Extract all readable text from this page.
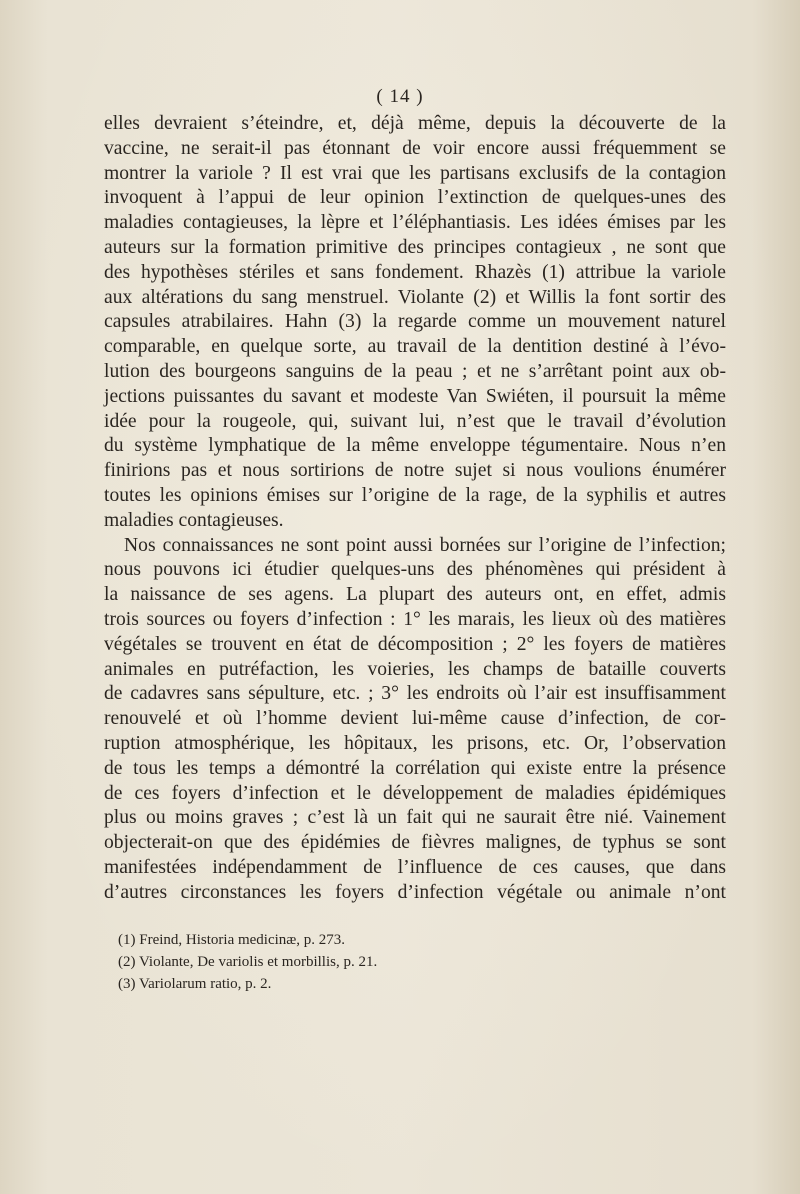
( 14 )
elles devraient s’éteindre, et, déjà même, depuis la découverte de la
vaccine, ne serait-il pas étonnant de voir encore aussi fréquemment se
montrer la variole ? Il est vrai que les partisans exclusifs de la contagion
invoquent à l’appui de leur opinion l’extinction de quelques-unes des
maladies contagieuses, la lèpre et l’éléphantiasis. Les idées émises par les
auteurs sur la formation primitive des principes contagieux , ne sont que
des hypothèses stériles et sans fondement. Rhazès (1) attribue la variole
aux altérations du sang menstruel. Violante (2) et Willis la font sortir des
capsules atrabilaires. Hahn (3) la regarde comme un mouvement naturel
comparable, en quelque sorte, au travail de la dentition destiné à l’évo-
lution des bourgeons sanguins de la peau ; et ne s’arrêtant point aux ob-
jections puissantes du savant et modeste Van Swiéten, il poursuit la même
idée pour la rougeole, qui, suivant lui, n’est que le travail d’évolution
du système lymphatique de la même enveloppe tégumentaire. Nous n’en
finirions pas et nous sortirions de notre sujet si nous voulions énumérer
toutes les opinions émises sur l’origine de la rage, de la syphilis et autres
maladies contagieuses.
Nos connaissances ne sont point aussi bornées sur l’origine de l’infection;
nous pouvons ici étudier quelques-uns des phénomènes qui président à
la naissance de ses agens. La plupart des auteurs ont, en effet, admis
trois sources ou foyers d’infection : 1° les marais, les lieux où des matières
végétales se trouvent en état de décomposition ; 2° les foyers de matières
animales en putréfaction, les voieries, les champs de bataille couverts
de cadavres sans sépulture, etc. ; 3° les endroits où l’air est insuffisamment
renouvelé et où l’homme devient lui-même cause d’infection, de cor-
ruption atmosphérique, les hôpitaux, les prisons, etc. Or, l’observation
de tous les temps a démontré la corrélation qui existe entre la présence
de ces foyers d’infection et le développement de maladies épidémiques
plus ou moins graves ; c’est là un fait qui ne saurait être nié. Vainement
objecterait-on que des épidémies de fièvres malignes, de typhus se sont
manifestées indépendamment de l’influence de ces causes, que dans
d’autres circonstances les foyers d’infection végétale ou animale n’ont
(1) Freind, Historia medicinæ, p. 273.
(2) Violante, De variolis et morbillis, p. 21.
(3) Variolarum ratio, p. 2.
